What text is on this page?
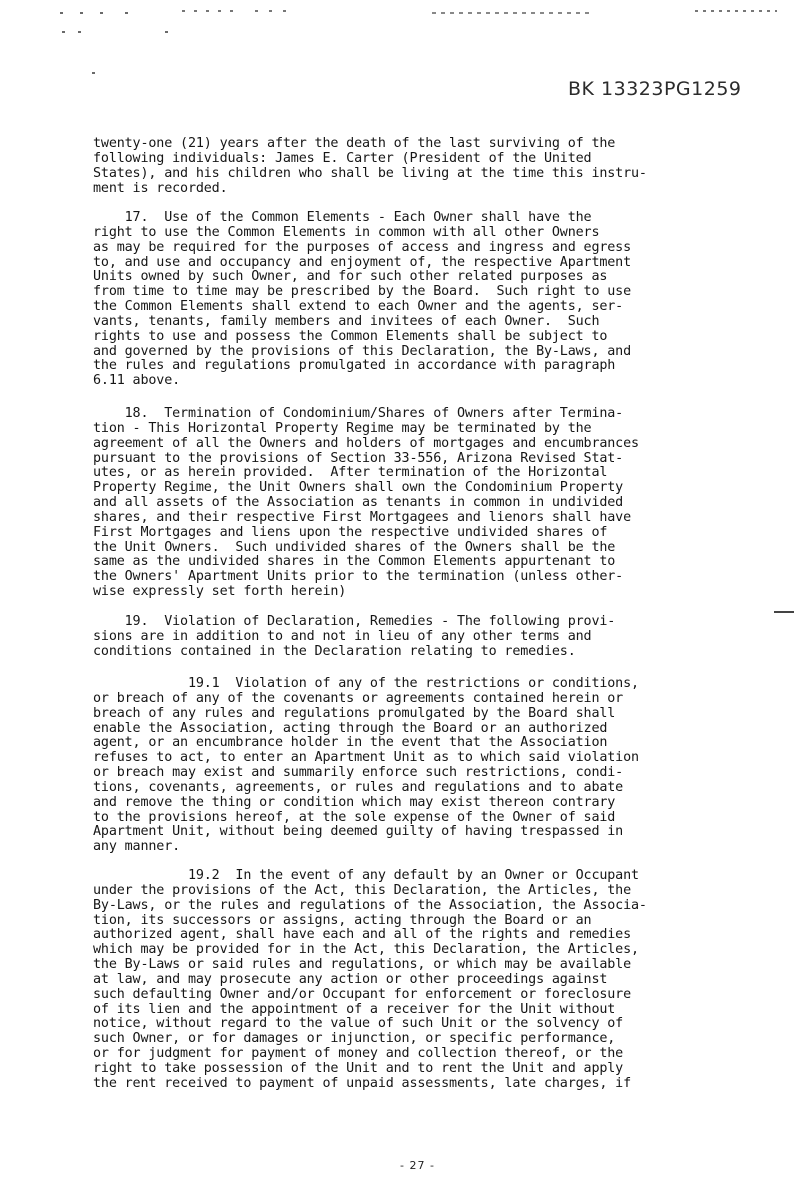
BK 13323PG1259
twenty-one (21) years after the death of the last surviving of the
following individuals: James E. Carter (President of the United
States), and his children who shall be living at the time this instru-
ment is recorded.
17.  Use of the Common Elements - Each Owner shall have the
right to use the Common Elements in common with all other Owners
as may be required for the purposes of access and ingress and egress
to, and use and occupancy and enjoyment of, the respective Apartment
Units owned by such Owner, and for such other related purposes as
from time to time may be prescribed by the Board.  Such right to use
the Common Elements shall extend to each Owner and the agents, ser-
vants, tenants, family members and invitees of each Owner.  Such
rights to use and possess the Common Elements shall be subject to
and governed by the provisions of this Declaration, the By-Laws, and
the rules and regulations promulgated in accordance with paragraph
6.11 above.
18.  Termination of Condominium/Shares of Owners after Termina-
tion - This Horizontal Property Regime may be terminated by the
agreement of all the Owners and holders of mortgages and encumbrances
pursuant to the provisions of Section 33-556, Arizona Revised Stat-
utes, or as herein provided.  After termination of the Horizontal
Property Regime, the Unit Owners shall own the Condominium Property
and all assets of the Association as tenants in common in undivided
shares, and their respective First Mortgagees and lienors shall have
First Mortgages and liens upon the respective undivided shares of
the Unit Owners.  Such undivided shares of the Owners shall be the
same as the undivided shares in the Common Elements appurtenant to
the Owners' Apartment Units prior to the termination (unless other-
wise expressly set forth herein)
19.  Violation of Declaration, Remedies - The following provi-
sions are in addition to and not in lieu of any other terms and
conditions contained in the Declaration relating to remedies.
19.1  Violation of any of the restrictions or conditions,
or breach of any of the covenants or agreements contained herein or
breach of any rules and regulations promulgated by the Board shall
enable the Association, acting through the Board or an authorized
agent, or an encumbrance holder in the event that the Association
refuses to act, to enter an Apartment Unit as to which said violation
or breach may exist and summarily enforce such restrictions, condi-
tions, covenants, agreements, or rules and regulations and to abate
and remove the thing or condition which may exist thereon contrary
to the provisions hereof, at the sole expense of the Owner of said
Apartment Unit, without being deemed guilty of having trespassed in
any manner.
19.2  In the event of any default by an Owner or Occupant
under the provisions of the Act, this Declaration, the Articles, the
By-Laws, or the rules and regulations of the Association, the Associa-
tion, its successors or assigns, acting through the Board or an
authorized agent, shall have each and all of the rights and remedies
which may be provided for in the Act, this Declaration, the Articles,
the By-Laws or said rules and regulations, or which may be available
at law, and may prosecute any action or other proceedings against
such defaulting Owner and/or Occupant for enforcement or foreclosure
of its lien and the appointment of a receiver for the Unit without
notice, without regard to the value of such Unit or the solvency of
such Owner, or for damages or injunction, or specific performance,
or for judgment for payment of money and collection thereof, or the
right to take possession of the Unit and to rent the Unit and apply
the rent received to payment of unpaid assessments, late charges, if
- 27 -
